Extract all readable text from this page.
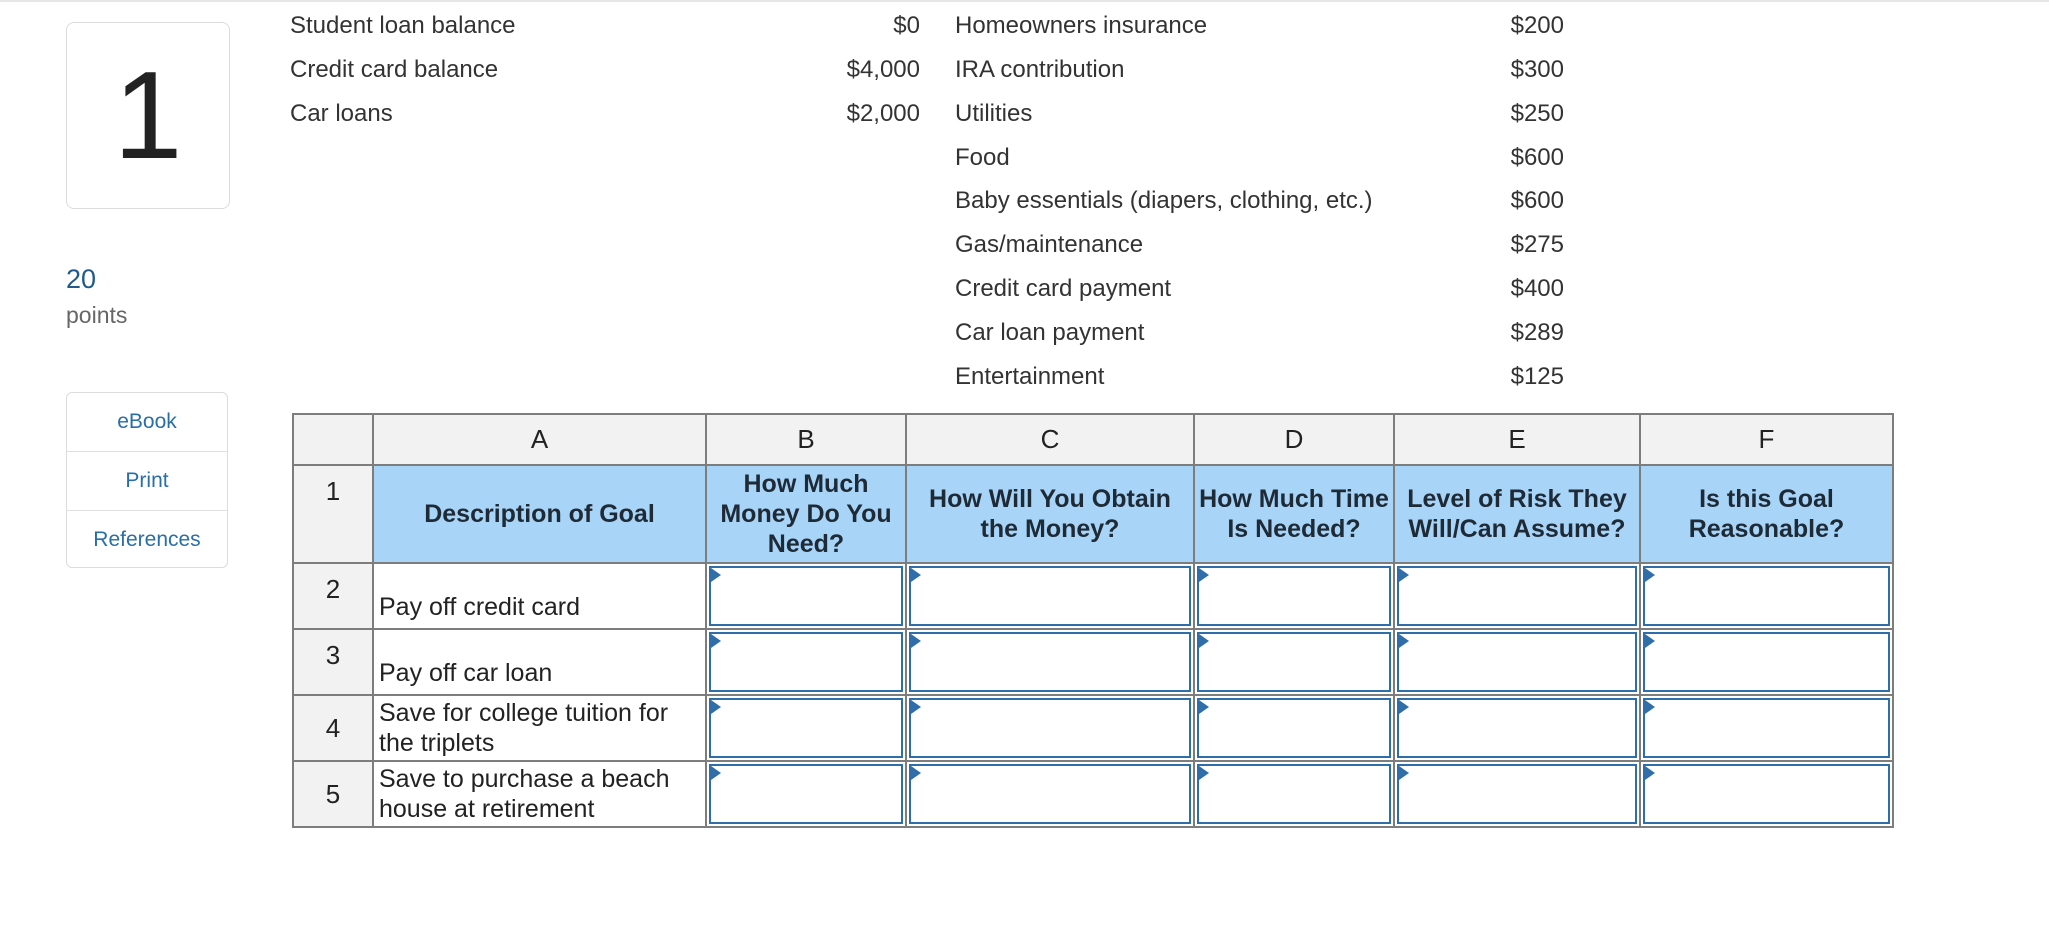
1
20
points
eBook
Print
References
Student loan balance	$0
Credit card balance	$4,000
Car loans	$2,000
Homeowners insurance	$200
IRA contribution	$300
Utilities	$250
Food	$600
Baby essentials (diapers, clothing, etc.)	$600
Gas/maintenance	$275
Credit card payment	$400
Car loan payment	$289
Entertainment	$125
	A	B	C	D	E	F
1	Description of Goal	How Much Money Do You Need?	How Will You Obtain the Money?	How Much Time Is Needed?	Level of Risk They Will/Can Assume?	Is this Goal Reasonable?
2	Pay off credit card	

3	Pay off car loan	

4	Save for college tuition for the triplets	

5	Save to purchase a beach house at retirement	
